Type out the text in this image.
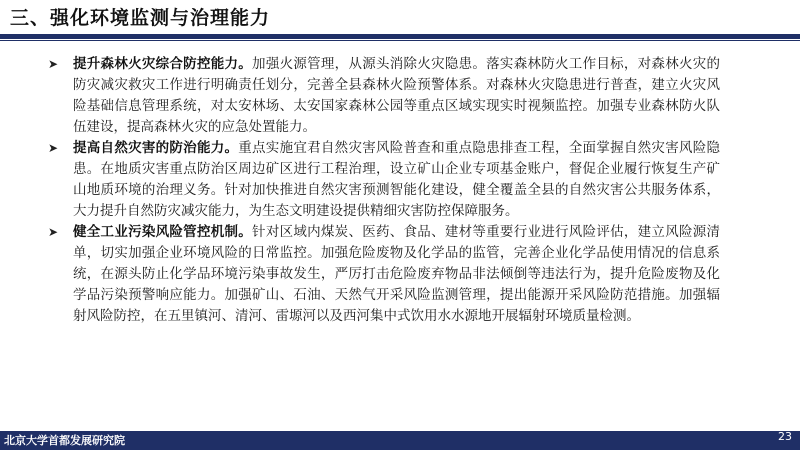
三、强化环境监测与治理能力
➤ 提升森林火灾综合防控能力。加强火源管理，从源头消除火灾隐患。落实森林防火工作目标，对森林火灾的防灾减灾救灾工作进行明确责任划分，完善全县森林火险预警体系。对森林火灾隐患进行普查，建立火灾风险基础信息管理系统，对太安林场、太安国家森林公园等重点区域实现实时视频监控。加强专业森林防火队伍建设，提高森林火灾的应急处置能力。
➤ 提高自然灾害的防治能力。重点实施宜君自然灾害风险普查和重点隐患排查工程，全面掌握自然灾害风险隐患。在地质灾害重点防治区周边矿区进行工程治理，设立矿山企业专项基金账户，督促企业履行恢复生产矿山地质环境的治理义务。针对加快推进自然灾害预测智能化建设，健全覆盖全县的自然灾害公共服务体系，大力提升自然防灾减灾能力，为生态文明建设提供精细灾害防控保障服务。
➤ 健全工业污染风险管控机制。针对区域内煤炭、医药、食品、建材等重要行业进行风险评估，建立风险源清单，切实加强企业环境风险的日常监控。加强危险废物及化学品的监管，完善企业化学品使用情况的信息系统，在源头防止化学品环境污染事故发生，严厉打击危险废弃物品非法倾倒等违法行为，提升危险废物及化学品污染预警响应能力。加强矿山、石油、天然气开采风险监测管理，提出能源开采风险防范措施。加强辐射风险防控，在五里镇河、清河、雷塬河以及西河集中式饮用水水源地开展辐射环境质量检测。
北京大学首都发展研究院	23
